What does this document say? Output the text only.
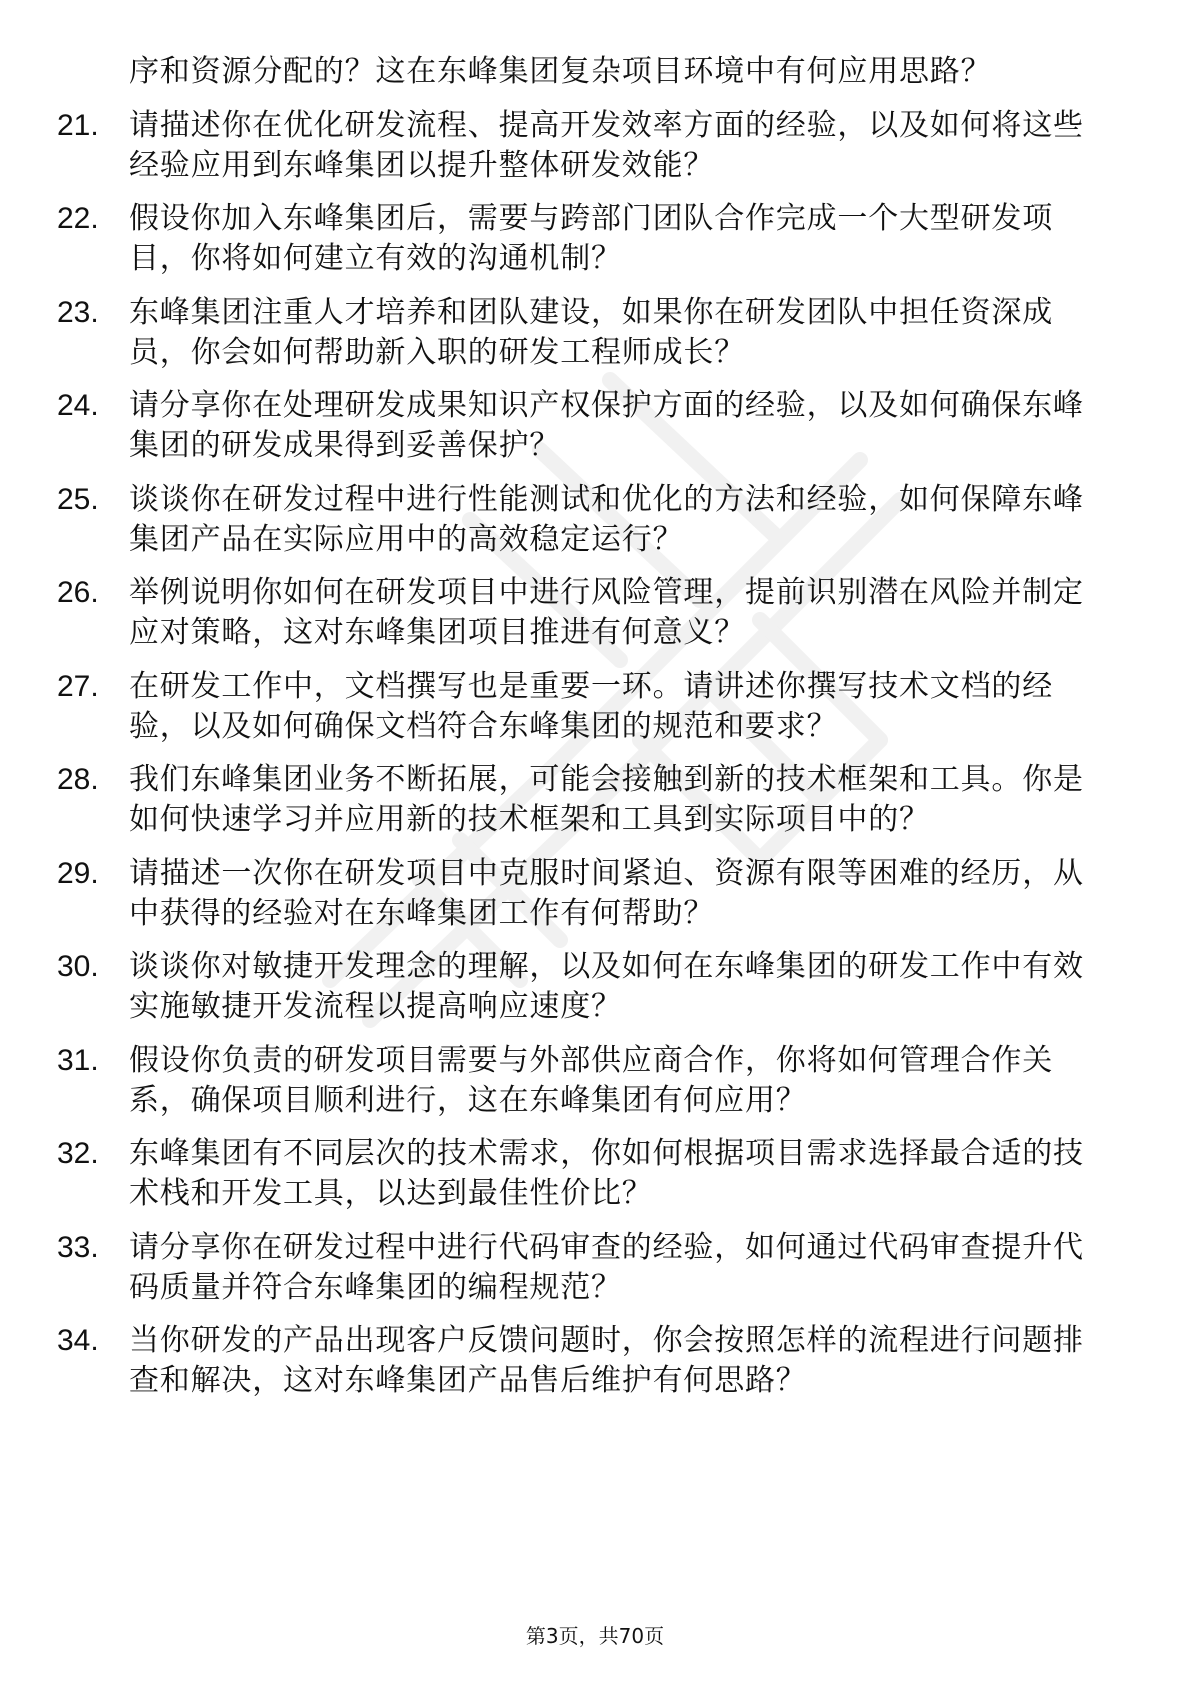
序和资源分配的？这在东峰集团复杂项目环境中有何应用思路？
21.	请描述你在优化研发流程、提高开发效率方面的经验，以及如何将这些经验应用到东峰集团以提升整体研发效能？
22.	假设你加入东峰集团后，需要与跨部门团队合作完成一个大型研发项目，你将如何建立有效的沟通机制？
23.	东峰集团注重人才培养和团队建设，如果你在研发团队中担任资深成员，你会如何帮助新入职的研发工程师成长？
24.	请分享你在处理研发成果知识产权保护方面的经验，以及如何确保东峰集团的研发成果得到妥善保护？
25.	谈谈你在研发过程中进行性能测试和优化的方法和经验，如何保障东峰集团产品在实际应用中的高效稳定运行？
26.	举例说明你如何在研发项目中进行风险管理，提前识别潜在风险并制定应对策略，这对东峰集团项目推进有何意义？
27.	在研发工作中，文档撰写也是重要一环。请讲述你撰写技术文档的经验，以及如何确保文档符合东峰集团的规范和要求？
28.	我们东峰集团业务不断拓展，可能会接触到新的技术框架和工具。你是如何快速学习并应用新的技术框架和工具到实际项目中的？
29.	请描述一次你在研发项目中克服时间紧迫、资源有限等困难的经历，从中获得的经验对在东峰集团工作有何帮助？
30.	谈谈你对敏捷开发理念的理解，以及如何在东峰集团的研发工作中有效实施敏捷开发流程以提高响应速度？
31.	假设你负责的研发项目需要与外部供应商合作，你将如何管理合作关系，确保项目顺利进行，这在东峰集团有何应用？
32.	东峰集团有不同层次的技术需求，你如何根据项目需求选择最合适的技术栈和开发工具，以达到最佳性价比？
33.	请分享你在研发过程中进行代码审查的经验，如何通过代码审查提升代码质量并符合东峰集团的编程规范？
34.	当你研发的产品出现客户反馈问题时，你会按照怎样的流程进行问题排查和解决，这对东峰集团产品售后维护有何思路？
第3页，共70页
